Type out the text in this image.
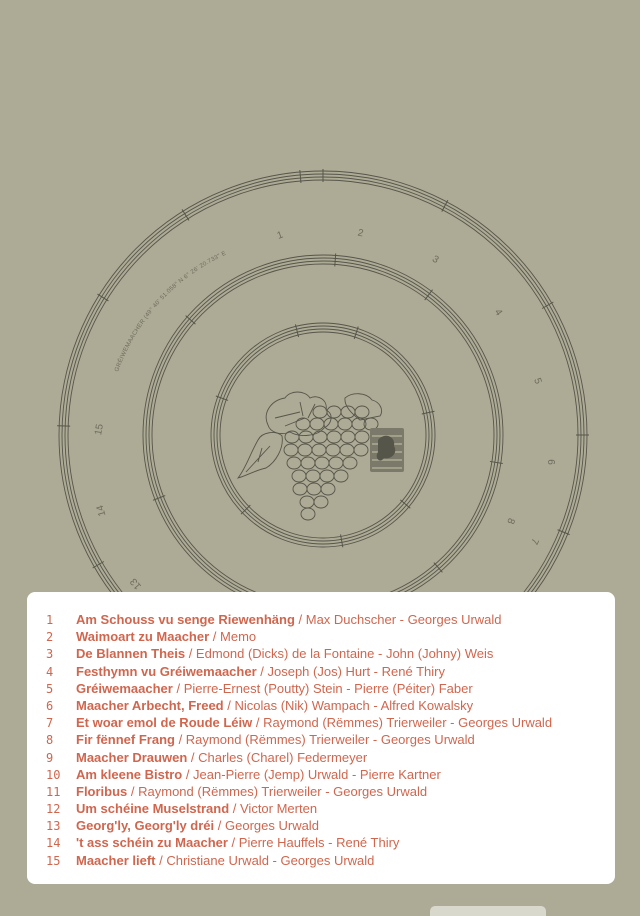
1	2
3
4
5
6
7
8
15
14
13
GRÉIWEMAACHER (49° 40' 51.058" N 6° 26' 20.733" E
1	Am Schouss vu senge Riewenhäng / Max Duchscher - Georges Urwald
2	Waimoart zu Maacher / Memo
3	De Blannen Theis / Edmond (Dicks) de la Fontaine - John (Johny) Weis
4	Festhymn vu Gréiwemaacher / Joseph (Jos) Hurt - René Thiry
5	Gréiwemaacher / Pierre-Ernest (Poutty) Stein - Pierre (Péiter) Faber
6	Maacher Arbecht, Freed / Nicolas (Nik) Wampach - Alfred Kowalsky
7	Et woar emol de Roude Léiw / Raymond (Rëmmes) Trierweiler - Georges Urwald
8	Fir fënnef Frang / Raymond (Rëmmes) Trierweiler - Georges Urwald
9	Maacher Drauwen / Charles (Charel) Federmeyer
10	Am kleene Bistro / Jean-Pierre (Jemp) Urwald - Pierre Kartner
11	Floribus / Raymond (Rëmmes) Trierweiler - Georges Urwald
12	Um schéine Muselstrand / Victor Merten
13	Georg'ly, Georg'ly dréi / Georges Urwald
14	't ass schéin zu Maacher / Pierre Hauffels - René Thiry
15	Maacher lieft / Christiane Urwald - Georges Urwald
